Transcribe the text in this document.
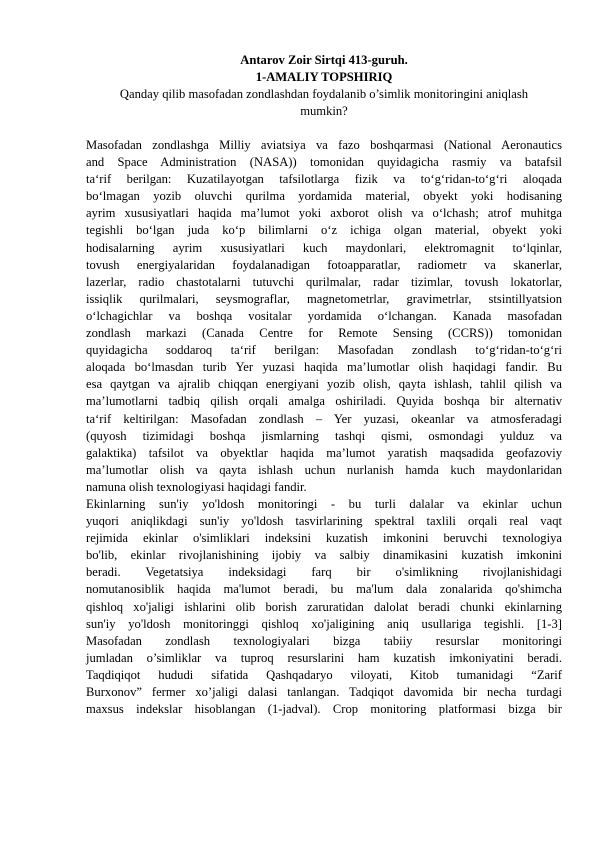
Antarov Zoir Sirtqi 413-guruh.
1-AMALIY TOPSHIRIQ
Qanday qilib masofadan zondlashdan foydalanib o’simlik monitoringini aniqlash
mumkin?
Masofadan zondlashga Milliy aviatsiya va fazo boshqarmasi (National Aeronautics
and Space Administration (NASA)) tomonidan quyidagicha rasmiy va batafsil
ta‘rif berilgan: Kuzatilayotgan tafsilotlarga fizik va to‘g‘ridan-to‘g‘ri aloqada
bo‘lmagan yozib oluvchi qurilma yordamida material, obyekt yoki hodisaning
ayrim xususiyatlari haqida ma’lumot yoki axborot olish va o‘lchash; atrof muhitga
tegishli bo‘lgan juda ko‘p bilimlarni o‘z ichiga olgan material, obyekt yoki
hodisalarning ayrim xususiyatlari kuch maydonlari, elektromagnit to‘lqinlar,
tovush energiyalaridan foydalanadigan fotoapparatlar, radiometr va skanerlar,
lazerlar, radio chastotalarni tutuvchi qurilmalar, radar tizimlar, tovush lokatorlar,
issiqlik qurilmalari, seysmograflar, magnetometrlar, gravimetrlar, stsintillyatsion
o‘lchagichlar va boshqa vositalar yordamida o‘lchangan. Kanada masofadan
zondlash markazi (Canada Centre for Remote Sensing (CCRS)) tomonidan
quyidagicha soddaroq ta‘rif berilgan: Masofadan zondlash to‘g‘ridan-to‘g‘ri
aloqada bo‘lmasdan turib Yer yuzasi haqida ma’lumotlar olish haqidagi fandir. Bu
esa qaytgan va ajralib chiqqan energiyani yozib olish, qayta ishlash, tahlil qilish va
ma’lumotlarni tadbiq qilish orqali amalga oshiriladi. Quyida boshqa bir alternativ
ta‘rif keltirilgan: Masofadan zondlash – Yer yuzasi, okeanlar va atmosferadagi
(quyosh tizimidagi boshqa jismlarning tashqi qismi, osmondagi yulduz va
galaktika) tafsilot va obyektlar haqida ma’lumot yaratish maqsadida geofazoviy
ma’lumotlar olish va qayta ishlash uchun nurlanish hamda kuch maydonlaridan
namuna olish texnologiyasi haqidagi fandir.
Ekinlarning sun'iy yo'ldosh monitoringi - bu turli dalalar va ekinlar uchun
yuqori aniqlikdagi sun'iy yo'ldosh tasvirlarining spektral taxlili orqali real vaqt
rejimida ekinlar o'simliklari indeksini kuzatish imkonini beruvchi texnologiya
bo'lib, ekinlar rivojlanishining ijobiy va salbiy dinamikasini kuzatish imkonini
beradi. Vegetatsiya indeksidagi farq bir o'simlikning rivojlanishidagi
nomutanosiblik haqida ma'lumot beradi, bu ma'lum dala zonalarida qo'shimcha
qishloq xo'jaligi ishlarini olib borish zaruratidan dalolat beradi chunki ekinlarning
sun'iy yo'ldosh monitoringgi qishloq xo'jaligining aniq usullariga tegishli. [1-3]
Masofadan zondlash texnologiyalari bizga tabiiy resurslar monitoringi
jumladan o’simliklar va tuproq resurslarini ham kuzatish imkoniyatini beradi.
Taqdiqiqot hududi sifatida Qashqadaryo viloyati, Kitob tumanidagi “Zarif
Burxonov” fermer xo’jaligi dalasi tanlangan. Tadqiqot davomida bir necha turdagi
maxsus indekslar hisoblangan (1-jadval). Crop monitoring platformasi bizga bir
